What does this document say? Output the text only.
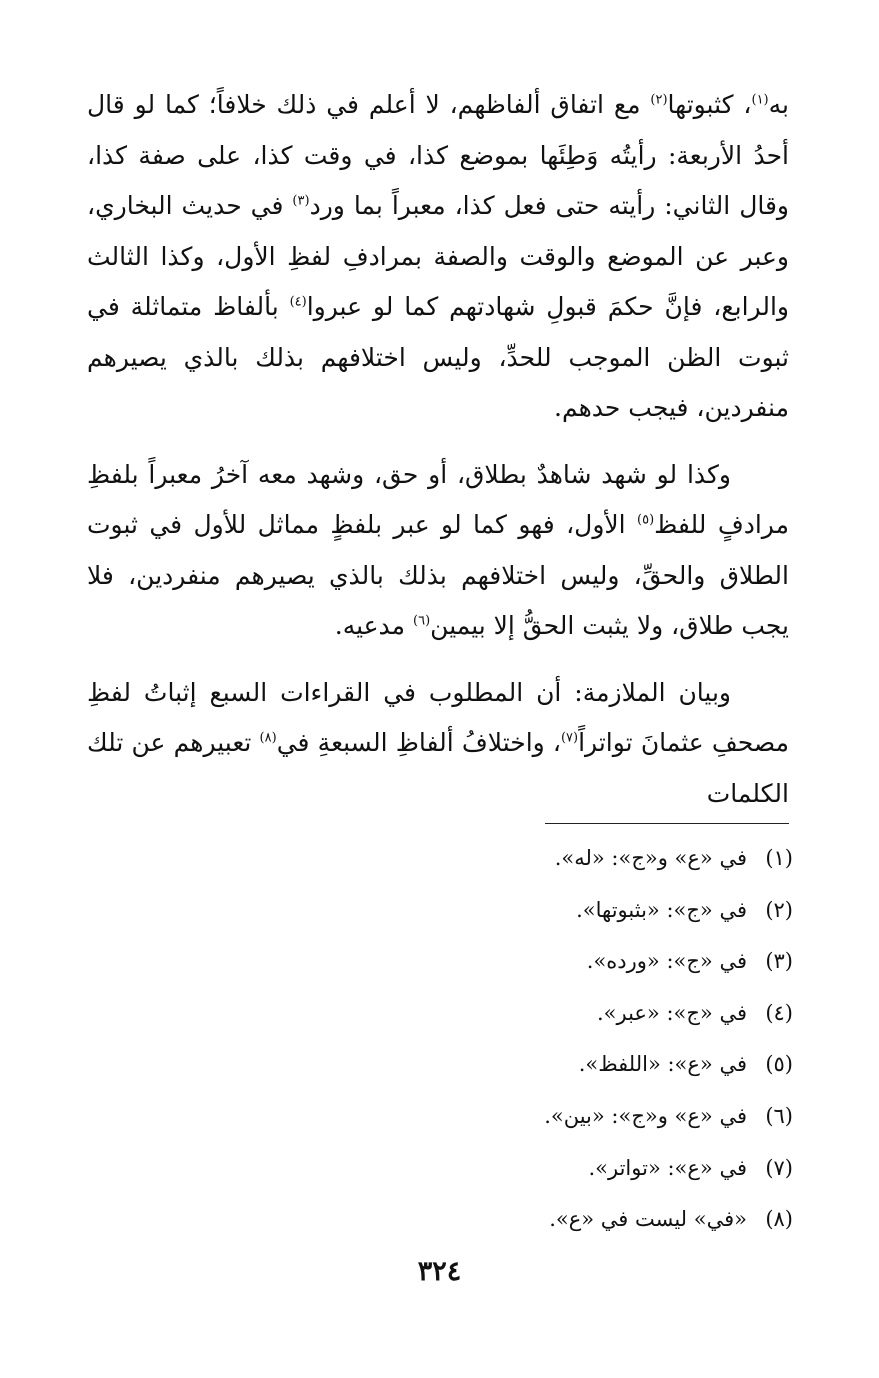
به$^{(١)}$، كثبوتها$^{(٢)}$ مع اتفاق ألفاظهم، لا أعلم في ذلك خلافاً؛ كما لو قال أحدُ الأربعة: رأيتُه وَطِئَها بموضع كذا، في وقت كذا، على صفة كذا، وقال الثاني: رأيته حتى فعل كذا، معبراً بما ورد$^{(٣)}$ في حديث البخاري، وعبر عن الموضع والوقت والصفة بمرادفِ لفظِ الأول، وكذا الثالث والرابع، فإنَّ حكمَ قبولِ شهادتهم كما لو عبروا$^{(٤)}$ بألفاظ متماثلة في ثبوت الظن الموجب للحدِّ، وليس اختلافهم بذلك بالذي يصيرهم منفردين، فيجب حدهم.

وكذا لو شهد شاهدٌ بطلاق، أو حق، وشهد معه آخرُ معبراً بلفظِ مرادفٍ للفظ$^{(٥)}$ الأول، فهو كما لو عبر بلفظٍ مماثل للأول في ثبوت الطلاق والحقِّ، وليس اختلافهم بذلك بالذي يصيرهم منفردين، فلا يجب طلاق، ولا يثبت الحقُّ إلا بيمين$^{(٦)}$ مدعيه.

وبيان الملازمة: أن المطلوب في القراءات السبع إثباتُ لفظِ مصحفِ عثمانَ تواتراً$^{(٧)}$، واختلافُ ألفاظِ السبعةِ في$^{(٨)}$ تعبيرهم عن تلك الكلمات

(١)في «ع» و«ج»: «له».
(٢)في «ج»: «بثبوتها».
(٣)في «ج»: «ورده».
(٤)في «ج»: «عبر».
(٥)في «ع»: «اللفظ».
(٦)في «ع» و«ج»: «بين».
(٧)في «ع»: «تواتر».
(٨)«في» ليست في «ع».
٣٢٤
